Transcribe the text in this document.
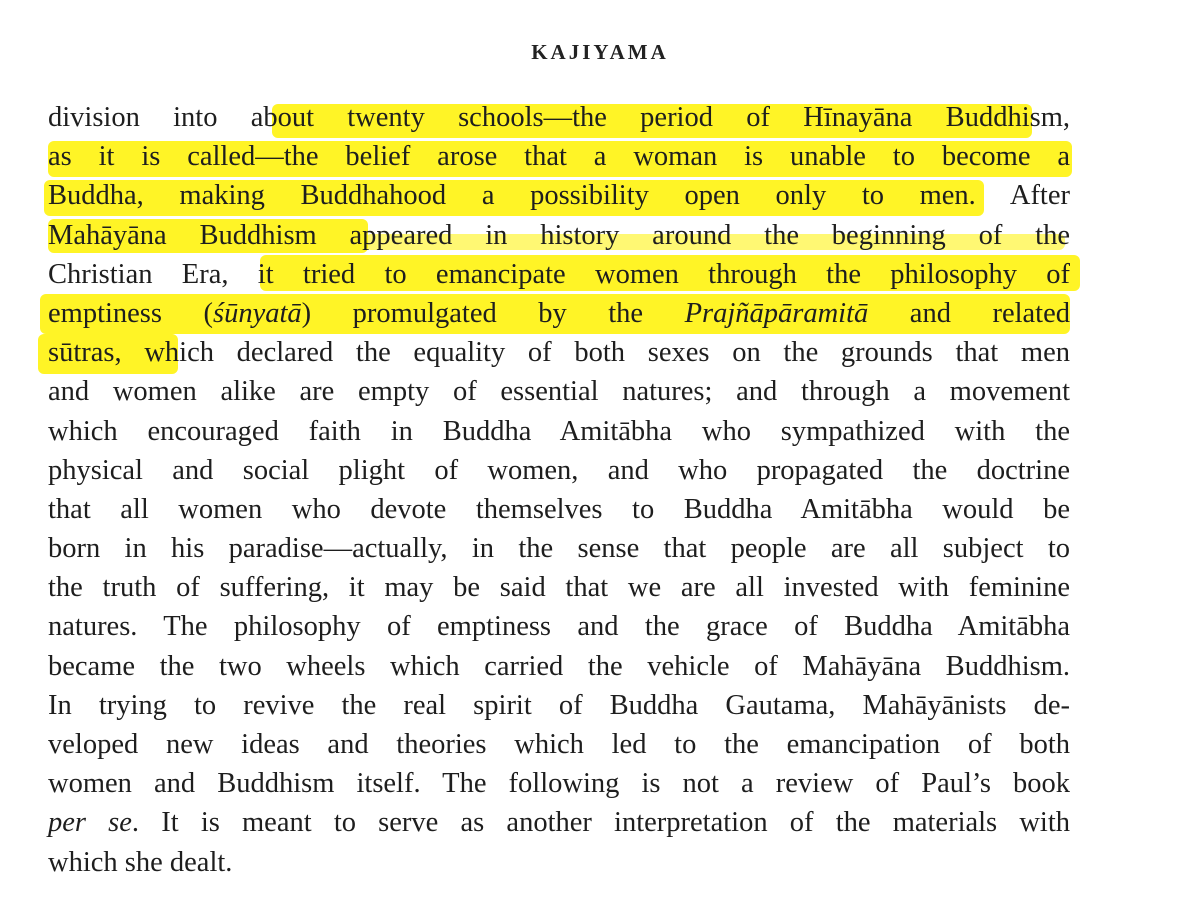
KAJIYAMA
division into about twenty schools—the period of Hīnayāna Buddhism,
as it is called—the belief arose that a woman is unable to become a
Buddha, making Buddhahood a possibility open only to men. After
Mahāyāna Buddhism appeared in history around the beginning of the
Christian Era, it tried to emancipate women through the philosophy of
emptiness (śūnyatā) promulgated by the Prajñāpāramitā and related
sūtras, which declared the equality of both sexes on the grounds that men
and women alike are empty of essential natures; and through a movement
which encouraged faith in Buddha Amitābha who sympathized with the
physical and social plight of women, and who propagated the doctrine
that all women who devote themselves to Buddha Amitābha would be
born in his paradise—actually, in the sense that people are all subject to
the truth of suffering, it may be said that we are all invested with feminine
natures. The philosophy of emptiness and the grace of Buddha Amitābha
became the two wheels which carried the vehicle of Mahāyāna Buddhism.
In trying to revive the real spirit of Buddha Gautama, Mahāyānists de-
veloped new ideas and theories which led to the emancipation of both
women and Buddhism itself. The following is not a review of Paul’s book
per se. It is meant to serve as another interpretation of the materials with
which she dealt.
